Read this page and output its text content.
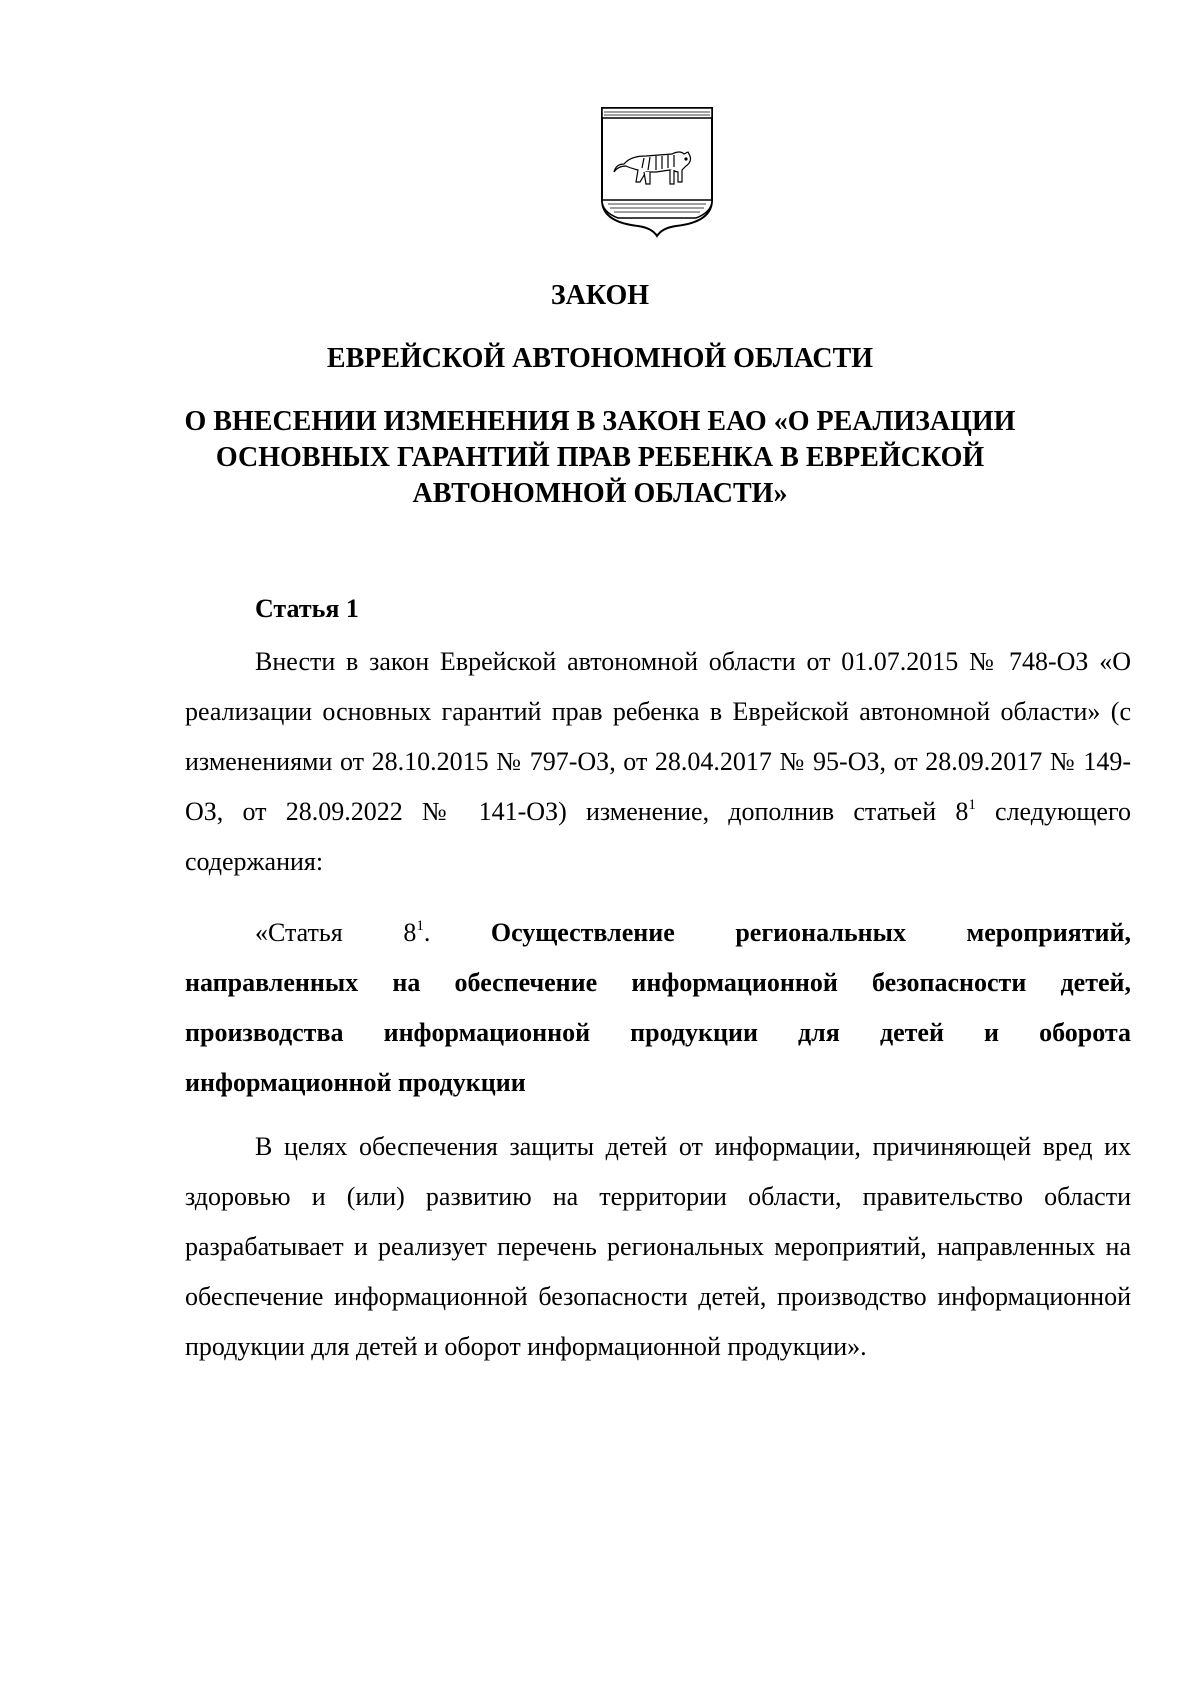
ЗАКОН
ЕВРЕЙСКОЙ АВТОНОМНОЙ ОБЛАСТИ
О ВНЕСЕНИИ ИЗМЕНЕНИЯ В ЗАКОН ЕАО «О РЕАЛИЗАЦИИ
ОСНОВНЫХ ГАРАНТИЙ ПРАВ РЕБЕНКА В ЕВРЕЙСКОЙ
АВТОНОМНОЙ ОБЛАСТИ»
Статья 1
Внести в закон Еврейской автономной области от 01.07.2015 № 748-ОЗ «О реализации основных гарантий прав ребенка в Еврейской автономной области» (с изменениями от 28.10.2015 № 797-ОЗ, от 28.04.2017 № 95-ОЗ, от 28.09.2017 № 149-ОЗ, от 28.09.2022 № 141-ОЗ) изменение, дополнив статьей $8^1$ следующего содержания:
«Статья $8^1$. Осуществление региональных мероприятий,
направленных на обеспечение информационной безопасности детей, производства информационной продукции для детей и оборота информационной продукции
В целях обеспечения защиты детей от информации, причиняющей вред их здоровью и (или) развитию на территории области, правительство области разрабатывает и реализует перечень региональных мероприятий, направленных на обеспечение информационной безопасности детей, производство информационной продукции для детей и оборот информационной продукции».
